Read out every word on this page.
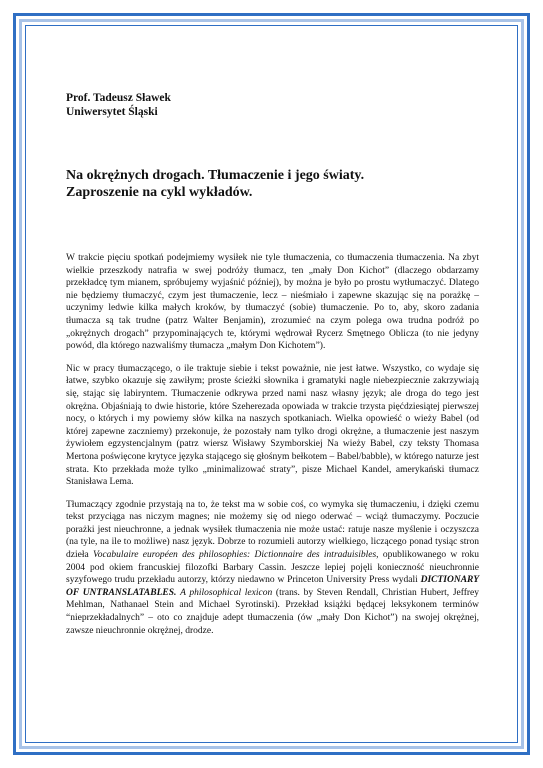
Prof. Tadeusz Sławek
Uniwersytet Śląski
Na okrężnych drogach. Tłumaczenie i jego światy.
Zaproszenie na cykl wykładów.

W trakcie pięciu spotkań podejmiemy wysiłek nie tyle tłumaczenia, co tłumaczenia tłumaczenia. Na zbyt wielkie przeszkody natrafia w swej podróży tłumacz, ten „mały Don Kichot” (dlaczego obdarzamy przekładcę tym mianem, spróbujemy wyjaśnić później), by można je było po prostu wytłumaczyć. Dlatego nie będziemy tłumaczyć, czym jest tłumaczenie, lecz – nieśmiało i zapewne skazując się na porażkę – uczynimy ledwie kilka małych kroków, by tłumaczyć (sobie) tłumaczenie. Po to, aby, skoro zadania tłumacza są tak trudne (patrz Walter Benjamin), zrozumieć na czym polega owa trudna podróż po „okrężnych drogach” przypominających te, którymi wędrował Rycerz Smętnego Oblicza (to nie jedyny powód, dla którego nazwaliśmy tłumacza „małym Don Kichotem”).

Nic w pracy tłumaczącego, o ile traktuje siebie i tekst poważnie, nie jest łatwe. Wszystko, co wydaje się łatwe, szybko okazuje się zawiłym; proste ścieżki słownika i gramatyki nagle niebezpiecznie zakrzywiają się, stając się labiryntem. Tłumaczenie odkrywa przed nami nasz własny język; ale droga do tego jest okrężna. Objaśniają to dwie historie, które Szeherezada opowiada w trakcie trzysta pięćdziesiątej pierwszej nocy, o których i my powiemy słów kilka na naszych spotkaniach. Wielka opowieść o wieży Babel (od której zapewne zaczniemy) przekonuje, że pozostały nam tylko drogi okrężne, a tłumaczenie jest naszym żywiołem egzystencjalnym (patrz wiersz Wisławy Szymborskiej Na wieży Babel, czy teksty Thomasa Mertona poświęcone krytyce języka stającego się głośnym bełkotem – Babel/babble), w którego naturze jest strata. Kto przekłada może tylko „minimalizować straty”, pisze Michael Kandel, amerykański tłumacz Stanisława Lema.

Tłumaczący zgodnie przystają na to, że tekst ma w sobie coś, co wymyka się tłumaczeniu, i dzięki czemu tekst przyciąga nas niczym magnes; nie możemy się od niego oderwać – wciąż tłumaczymy. Poczucie porażki jest nieuchronne, a jednak wysiłek tłumaczenia nie może ustać: ratuje nasze myślenie i oczyszcza (na tyle, na ile to możliwe) nasz język. Dobrze to rozumieli autorzy wielkiego, liczącego ponad tysiąc stron dzieła Vocabulaire européen des philosophies: Dictionnaire des intraduisibles, opublikowanego w roku 2004 pod okiem francuskiej filozofki Barbary Cassin. Jeszcze lepiej pojęli konieczność nieuchronnie syzyfowego trudu przekładu autorzy, którzy niedawno w Princeton University Press wydali DICTIONARY OF UNTRANSLATABLES. A philosophical lexicon (trans. by Steven Rendall, Christian Hubert, Jeffrey Mehlman, Nathanael Stein and Michael Syrotinski). Przekład książki będącej leksykonem terminów “nieprzekładalnych” – oto co znajduje adept tłumaczenia (ów „mały Don Kichot”) na swojej okrężnej, zawsze nieuchronnie okrężnej, drodze.
